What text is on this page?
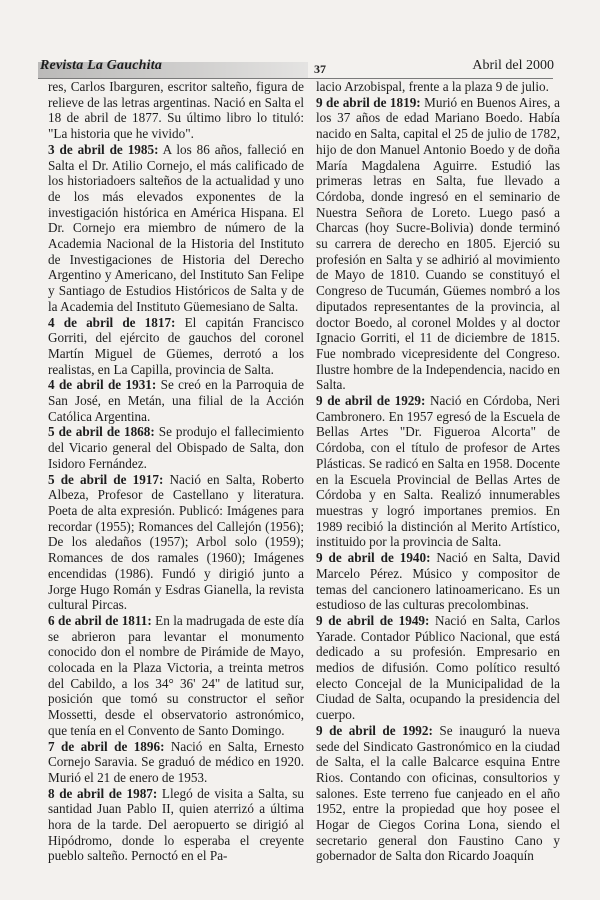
Revista La Gauchita	37	Abril del 2000

res, Carlos Ibarguren, escritor salteño, figura de relieve de las letras argentinas. Nació en Salta el 18 de abril de 1877. Su último libro lo tituló: "La historia que he vivido".

3 de abril de 1985: A los 86 años, falleció en Salta el Dr. Atilio Cornejo, el más calificado de los historiadoers salteños de la actualidad y uno de los más elevados exponentes de la investigación histórica en América Hispana. El Dr. Cornejo era miembro de número de la Academia Nacional de la Historia del Instituto de Investigaciones de Historia del Derecho Argentino y Americano, del Instituto San Felipe y Santiago de Estudios Históricos de Salta y de la Academia del Instituto Güemesiano de Salta.

4 de abril de 1817: El capitán Francisco Gorriti, del ejército de gauchos del coronel Martín Miguel de Güemes, derrotó a los realistas, en La Capilla, provincia de Salta.

4 de abril de 1931: Se creó en la Parroquia de San José, en Metán, una filial de la Acción Católica Argentina.

5 de abril de 1868: Se produjo el fallecimiento del Vicario general del Obispado de Salta, don Isidoro Fernández.

5 de abril de 1917: Nació en Salta, Roberto Albeza, Profesor de Castellano y literatura. Poeta de alta expresión. Publicó: Imágenes para recordar (1955); Romances del Callejón (1956); De los aledaños (1957); Arbol solo (1959); Romances de dos ramales (1960); Imágenes encendidas (1986). Fundó y dirigió junto a Jorge Hugo Román y Esdras Gianella, la revista cultural Pircas.

6 de abril de 1811: En la madrugada de este día se abrieron para levantar el monumento conocido don el nombre de Pirámide de Mayo, colocada en la Plaza Victoria, a treinta metros del Cabildo, a los 34° 36' 24" de latitud sur, posición que tomó su constructor el señor Mossetti, desde el observatorio astronómico, que tenía en el Convento de Santo Domingo.

7 de abril de 1896: Nació en Salta, Ernesto Cornejo Saravia. Se graduó de médico en 1920. Murió el 21 de enero de 1953.

8 de abril de 1987: Llegó de visita a Salta, su santidad Juan Pablo II, quien aterrizó a última hora de la tarde. Del aeropuerto se dirigió al Hipódromo, donde lo esperaba el creyente pueblo salteño. Pernoctó en el Pa-

lacio Arzobispal, frente a la plaza 9 de julio.

9 de abril de 1819: Murió en Buenos Aires, a los 37 años de edad Mariano Boedo. Había nacido en Salta, capital el 25 de julio de 1782, hijo de don Manuel Antonio Boedo y de doña María Magdalena Aguirre. Estudió las primeras letras en Salta, fue llevado a Córdoba, donde ingresó en el seminario de Nuestra Señora de Loreto. Luego pasó a Charcas (hoy Sucre-Bolivia) donde terminó su carrera de derecho en 1805. Ejerció su profesión en Salta y se adhirió al movimiento de Mayo de 1810. Cuando se constituyó el Congreso de Tucumán, Güemes nombró a los diputados representantes de la provincia, al doctor Boedo, al coronel Moldes y al doctor Ignacio Gorriti, el 11 de diciembre de 1815. Fue nombrado vicepresidente del Congreso. Ilustre hombre de la Independencia, nacido en Salta.

9 de abril de 1929: Nació en Córdoba, Neri Cambronero. En 1957 egresó de la Escuela de Bellas Artes "Dr. Figueroa Alcorta" de Córdoba, con el título de profesor de Artes Plásticas. Se radicó en Salta en 1958. Docente en la Escuela Provincial de Bellas Artes de Córdoba y en Salta. Realizó innumerables muestras y logró importanes premios. En 1989 recibió la distinción al Merito Artístico, instituido por la provincia de Salta.

9 de abril de 1940: Nació en Salta, David Marcelo Pérez. Músico y compositor de temas del cancionero latinoamericano. Es un estudioso de las culturas precolombinas.

9 de abril de 1949: Nació en Salta, Carlos Yarade. Contador Público Nacional, que está dedicado a su profesión. Empresario en medios de difusión. Como político resultó electo Concejal de la Municipalidad de la Ciudad de Salta, ocupando la presidencia del cuerpo.

9 de abril de 1992: Se inauguró la nueva sede del Sindicato Gastronómico en la ciudad de Salta, el la calle Balcarce esquina Entre Rios. Contando con oficinas, consultorios y salones. Este terreno fue canjeado en el año 1952, entre la propiedad que hoy posee el Hogar de Ciegos Corina Lona, siendo el secretario general don Faustino Cano y gobernador de Salta don Ricardo Joaquín
